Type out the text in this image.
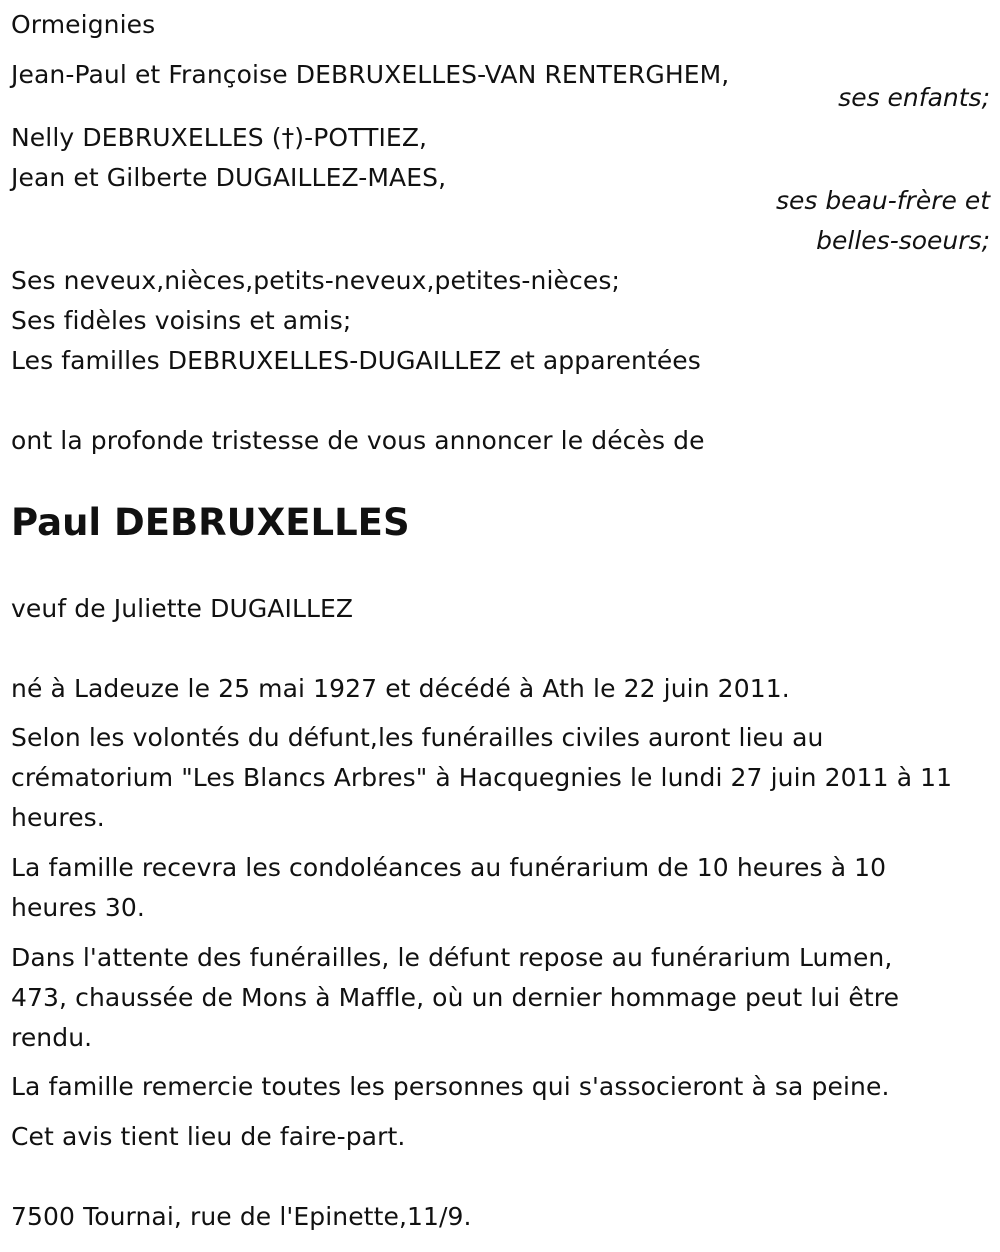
Ormeignies
Jean-Paul et Françoise DEBRUXELLES-VAN RENTERGHEM,
ses enfants;
Nelly DEBRUXELLES (†)-POTTIEZ,
Jean et Gilberte DUGAILLEZ-MAES,
ses beau-frère et
belles-soeurs;
Ses neveux,nièces,petits-neveux,petites-nièces;
Ses fidèles voisins et amis;
Les familles DEBRUXELLES-DUGAILLEZ et apparentées
ont la profonde tristesse de vous annoncer le décès de
Paul DEBRUXELLES
veuf de Juliette DUGAILLEZ
né à Ladeuze le 25 mai 1927 et décédé à Ath le 22 juin 2011.
Selon les volontés du défunt,les funérailles civiles auront lieu au
crématorium "Les Blancs Arbres" à Hacquegnies le lundi 27 juin 2011 à 11
heures.
La famille recevra les condoléances au funérarium de 10 heures à 10
heures 30.
Dans l'attente des funérailles, le défunt repose au funérarium Lumen,
473, chaussée de Mons à Maffle, où un dernier hommage peut lui être
rendu.
La famille remercie toutes les personnes qui s'associeront à sa peine.
Cet avis tient lieu de faire-part.
7500 Tournai, rue de l'Epinette,11/9.
